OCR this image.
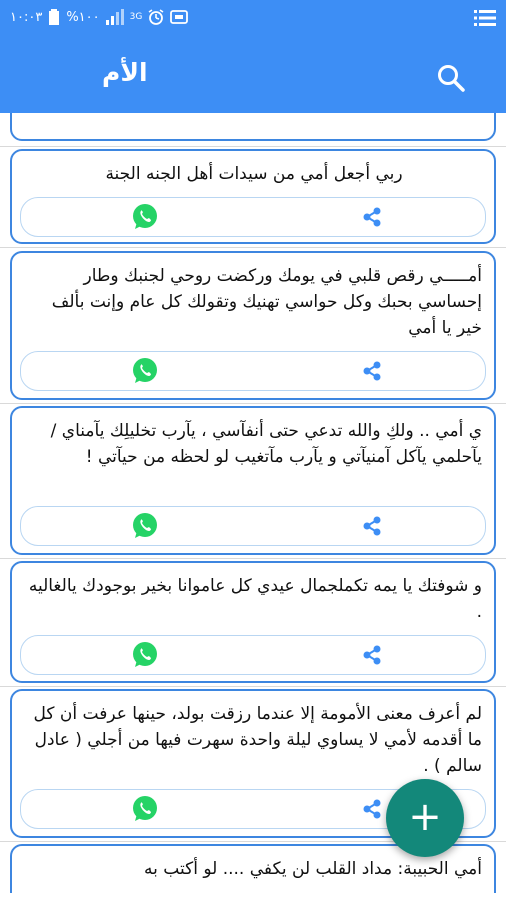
١٠:٠٣ %١٠٠	3G
الأم
ربي أجعل أمي من سيدات أهل الجنه الجنة
أمـــــي رقص قلبي في يومك وركضت روحي لجنبك وطار إحساسي بحبك وكل حواسي تهنيك وتقولك كل عام وإنت بألف خير يا أمي
ي أمي .. ولكِ والله تدعي حتى أنفآسي ، يآرب تخليلِك يآمناي / يآحلمي يآكل آمنيآتي و يآرب مآتغيب لو لحظه من حيآتي !
و شوفتك يا يمه تكملجمال عيدي كل عاموانا بخير بوجودك يالغاليه .
لم أعرف معنى الأمومة إلا عندما رزقت بولد، حينها عرفت أن كل ما أقدمه لأمي لا يساوي ليلة واحدة سهرت فيها من أجلي ( عادل سالم ) .
أمي الحبيبة: مداد القلب لن يكفي .... لو أكتب به
+
